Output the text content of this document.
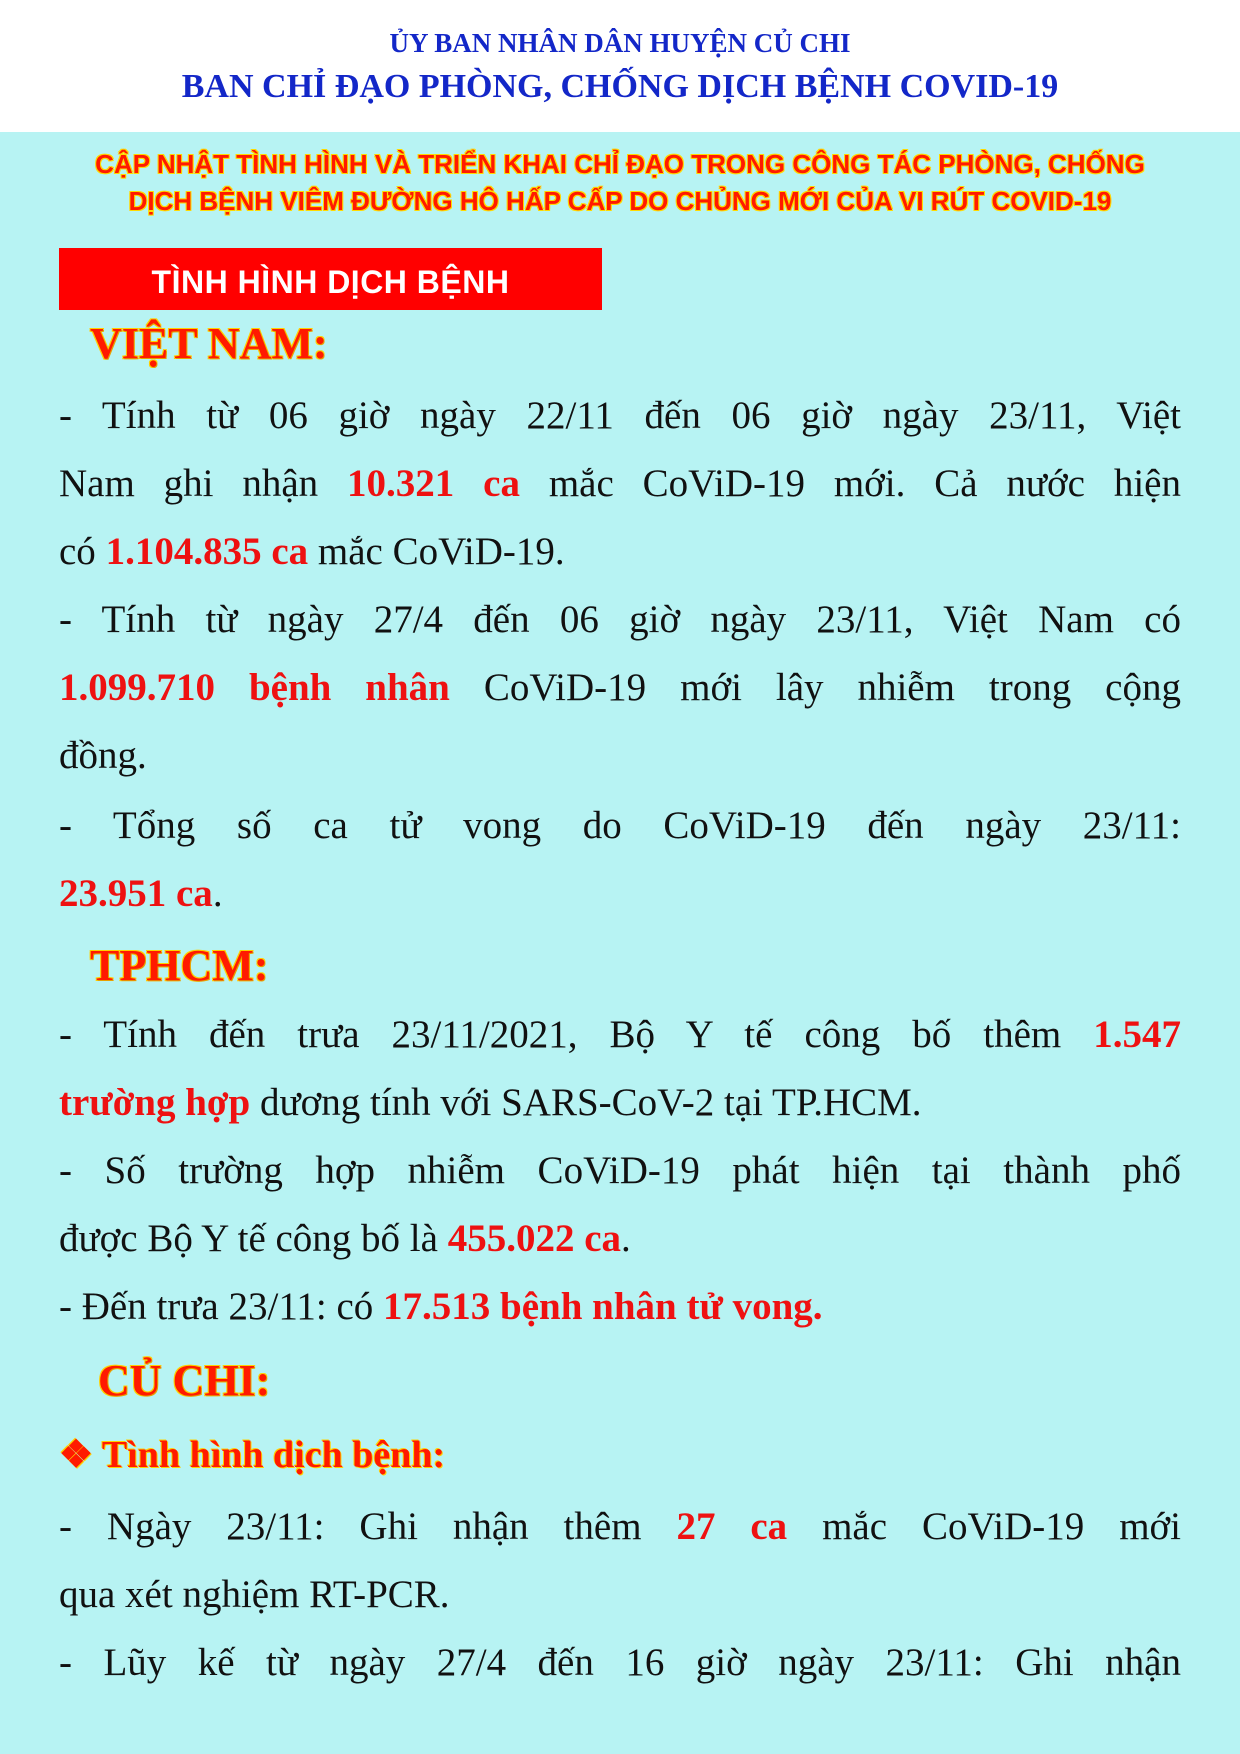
ỦY BAN NHÂN DÂN HUYỆN CỦ CHI
BAN CHỈ ĐẠO PHÒNG, CHỐNG DỊCH BỆNH COVID-19
CẬP NHẬT TÌNH HÌNH VÀ TRIỂN KHAI CHỈ ĐẠO TRONG CÔNG TÁC PHÒNG, CHỐNG
DỊCH BỆNH VIÊM ĐƯỜNG HÔ HẤP CẤP DO CHỦNG MỚI CỦA VI RÚT COVID-19
TÌNH HÌNH DỊCH BỆNH
VIỆT NAM:
- Tính từ 06 giờ ngày 22/11 đến 06 giờ ngày 23/11, Việt
Nam ghi nhận 10.321 ca mắc CoViD-19 mới. Cả nước hiện
có 1.104.835 ca mắc CoViD-19.
- Tính từ ngày 27/4 đến 06 giờ ngày 23/11, Việt Nam có
1.099.710 bệnh nhân CoViD-19 mới lây nhiễm trong cộng
đồng.
- Tổng số ca tử vong do CoViD-19 đến ngày 23/11:
23.951 ca.
TPHCM:
- Tính đến trưa 23/11/2021, Bộ Y tế công bố thêm 1.547
trường hợp dương tính với SARS-CoV-2 tại TP.HCM.
- Số trường hợp nhiễm CoViD-19 phát hiện tại thành phố
được Bộ Y tế công bố là 455.022 ca.
- Đến trưa 23/11: có 17.513 bệnh nhân tử vong.
CỦ CHI:
❖ Tình hình dịch bệnh:
- Ngày 23/11: Ghi nhận thêm 27 ca mắc CoViD-19 mới
qua xét nghiệm RT-PCR.
- Lũy kế từ ngày 27/4 đến 16 giờ ngày 23/11: Ghi nhận
